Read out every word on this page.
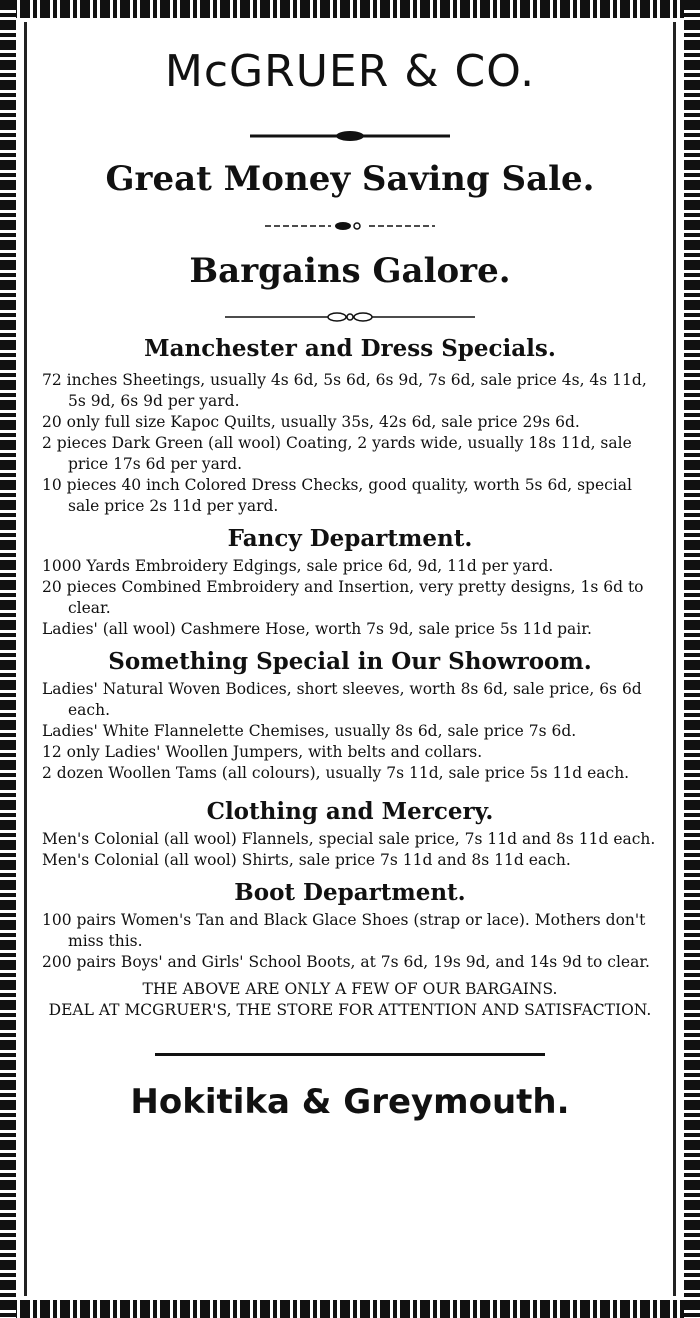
McGRUER & CO.
Great Money Saving Sale.
Bargains Galore.
Manchester and Dress Specials.

72 inches Sheetings, usually 4s 6d, 5s 6d, 6s 9d, 7s 6d, sale price 4s, 4s 11d, 5s 9d, 6s 9d per yard.

20 only full size Kapoc Quilts, usually 35s, 42s 6d, sale price 29s 6d.

2 pieces Dark Green (all wool) Coating, 2 yards wide, usually 18s 11d, sale price 17s 6d per yard.

10 pieces 40 inch Colored Dress Checks, good quality, worth 5s 6d, special sale price 2s 11d per yard.

Fancy Department.

1000 Yards Embroidery Edgings, sale price 6d, 9d, 11d per yard.

20 pieces Combined Embroidery and Insertion, very pretty designs, 1s 6d to clear.

Ladies' (all wool) Cashmere Hose, worth 7s 9d, sale price 5s 11d pair.

Something Special in Our Showroom.

Ladies' Natural Woven Bodices, short sleeves, worth 8s 6d, sale price, 6s 6d each.

Ladies' White Flannelette Chemises, usually 8s 6d, sale price 7s 6d.

12 only Ladies' Woollen Jumpers, with belts and collars.

2 dozen Woollen Tams (all colours), usually 7s 11d, sale price 5s 11d each.

Clothing and Mercery.

Men's Colonial (all wool) Flannels, special sale price, 7s 11d and 8s 11d each.

Men's Colonial (all wool) Shirts, sale price 7s 11d and 8s 11d each.

Boot Department.

100 pairs Women's Tan and Black Glace Shoes (strap or lace). Mothers don't miss this.

200 pairs Boys' and Girls' School Boots, at 7s 6d, 19s 9d, and 14s 9d to clear.

THE ABOVE ARE ONLY A FEW OF OUR BARGAINS.

DEAL AT MCGRUER'S, THE STORE FOR ATTENTION AND SATISFACTION.

Hokitika & Greymouth.
